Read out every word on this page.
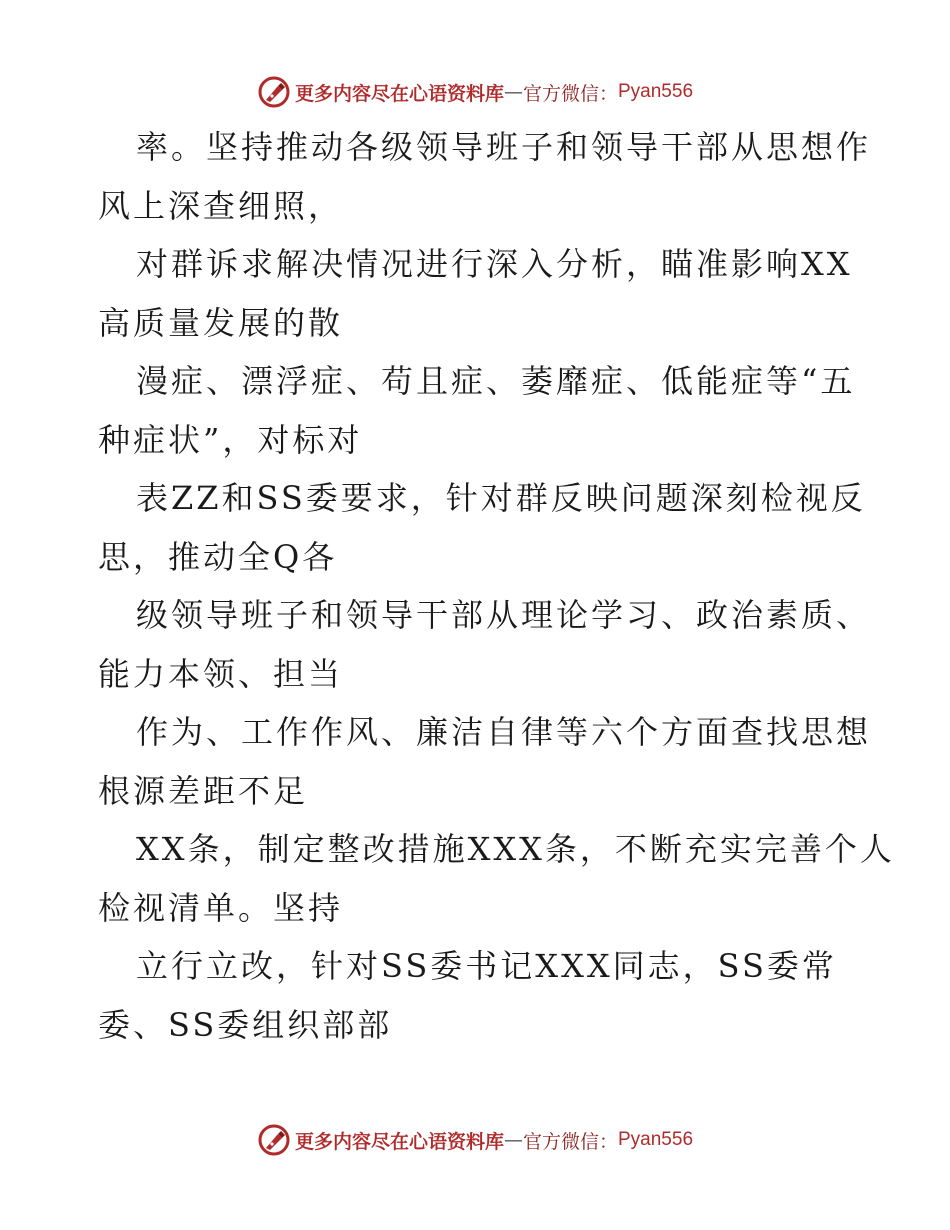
更多内容尽在心语资料库 — 官方微信： Pyan556

率。坚持推动各级领导班子和领导干部从思想作
风上深查细照，

对群诉求解决情况进行深入分析，瞄准影响XX
高质量发展的散

漫症、漂浮症、苟且症、萎靡症、低能症等“五
种症状”，对标对

表ZZ和SS委要求，针对群反映问题深刻检视反
思，推动全Q各

级领导班子和领导干部从理论学习、政治素质、
能力本领、担当

作为、工作作风、廉洁自律等六个方面查找思想
根源差距不足

XX条，制定整改措施XXX条，不断充实完善个人
检视清单。坚持

立行立改，针对SS委书记XXX同志，SS委常
委、SS委组织部部

更多内容尽在心语资料库 — 官方微信： Pyan556
